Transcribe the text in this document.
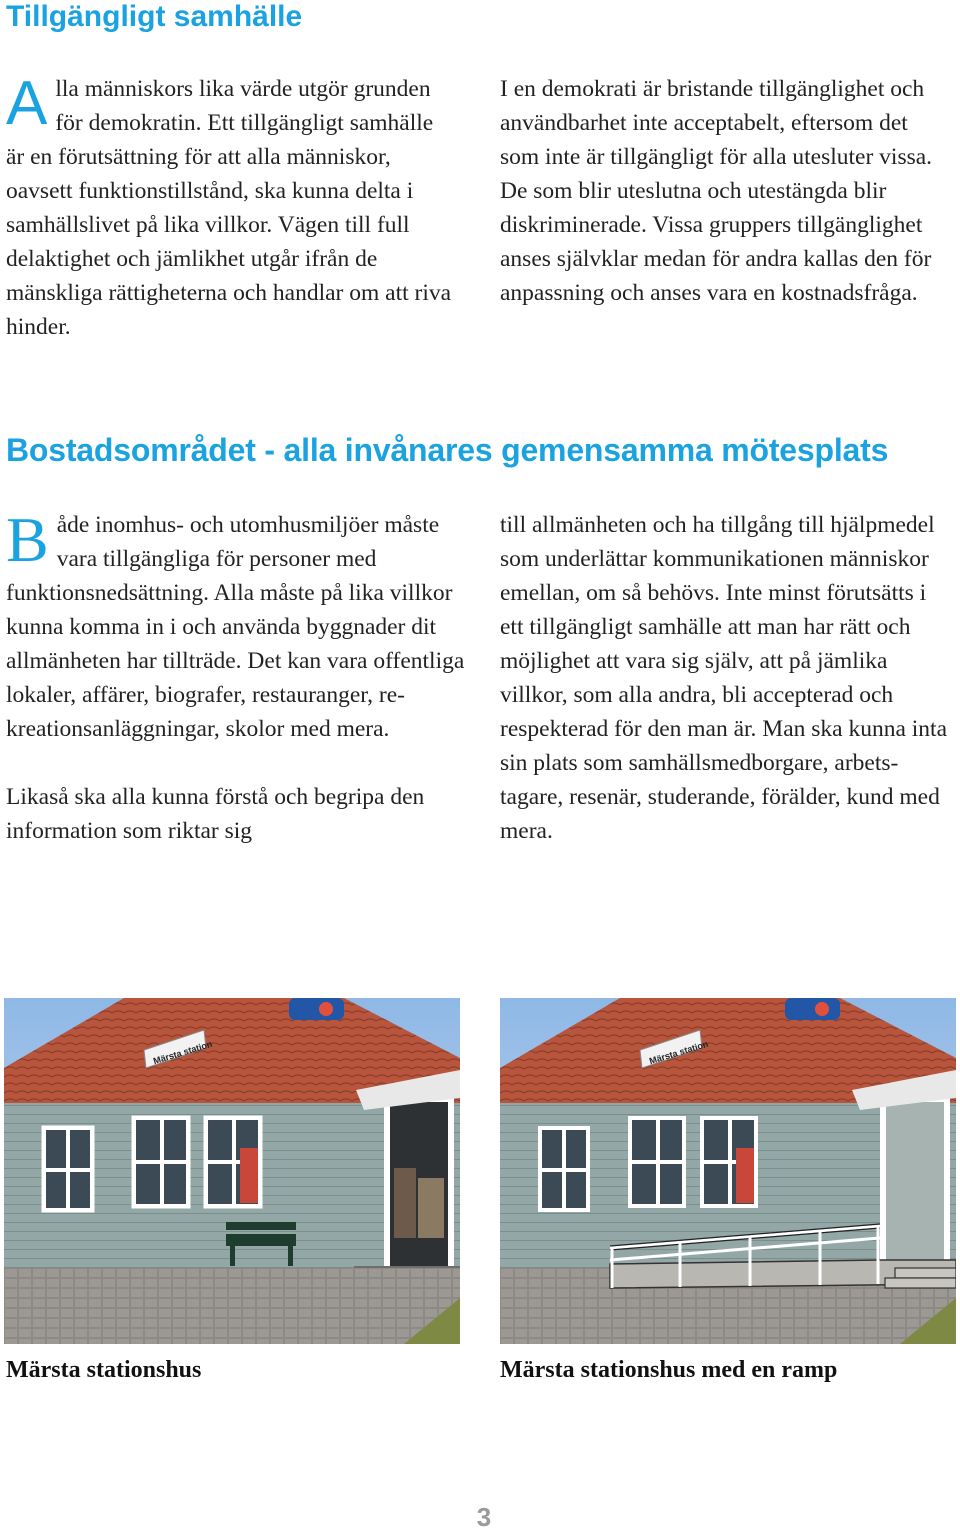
Tillgängligt samhälle

Alla människors lika värde utgör grunden för demokratin. Ett tillgängligt samhälle är en förutsättning för att alla människor, oavsett funktionstillstånd, ska kunna delta i samhällslivet på lika villkor. Vägen till full delaktighet och jämlikhet utgår ifrån de mänskliga rättigheterna och handlar om att riva hinder.

I en demokrati är bristande tillgänglighet och användbarhet inte acceptabelt, eftersom det som inte är tillgängligt för alla utesluter vissa. De som blir uteslutna och utestängda blir diskriminerade. Vissa gruppers tillgänglighet anses självklar medan för andra kallas den för anpassning och anses vara en kostnadsfråga.

Bostadsområdet - alla invånares gemensamma mötesplats

Både inomhus- och utomhusmiljöer måste vara tillgängliga för personer med funktionsnedsättning. Alla måste på lika villkor kunna komma in i och använda byggnader dit allmänheten har tillträde. Det kan vara offentliga lokaler, affärer, biografer, restauranger, rekreationsanläggningar, skolor med mera.

Likaså ska alla kunna förstå och begripa den information som riktar sig

till allmänheten och ha tillgång till hjälpmedel som underlättar kommunikationen människor emellan, om så behövs. Inte minst förutsätts i ett tillgängligt samhälle att man har rätt och möjlighet att vara sig själv, att på jämlika villkor, som alla andra, bli accepterad och respekterad för den man är. Man ska kunna inta sin plats som samhällsmedborgare, arbetstagare, resenär, studerande, förälder, kund med mera.

Märsta station	Märsta station
Märsta stationshus	Märsta stationshus med en ramp
3
